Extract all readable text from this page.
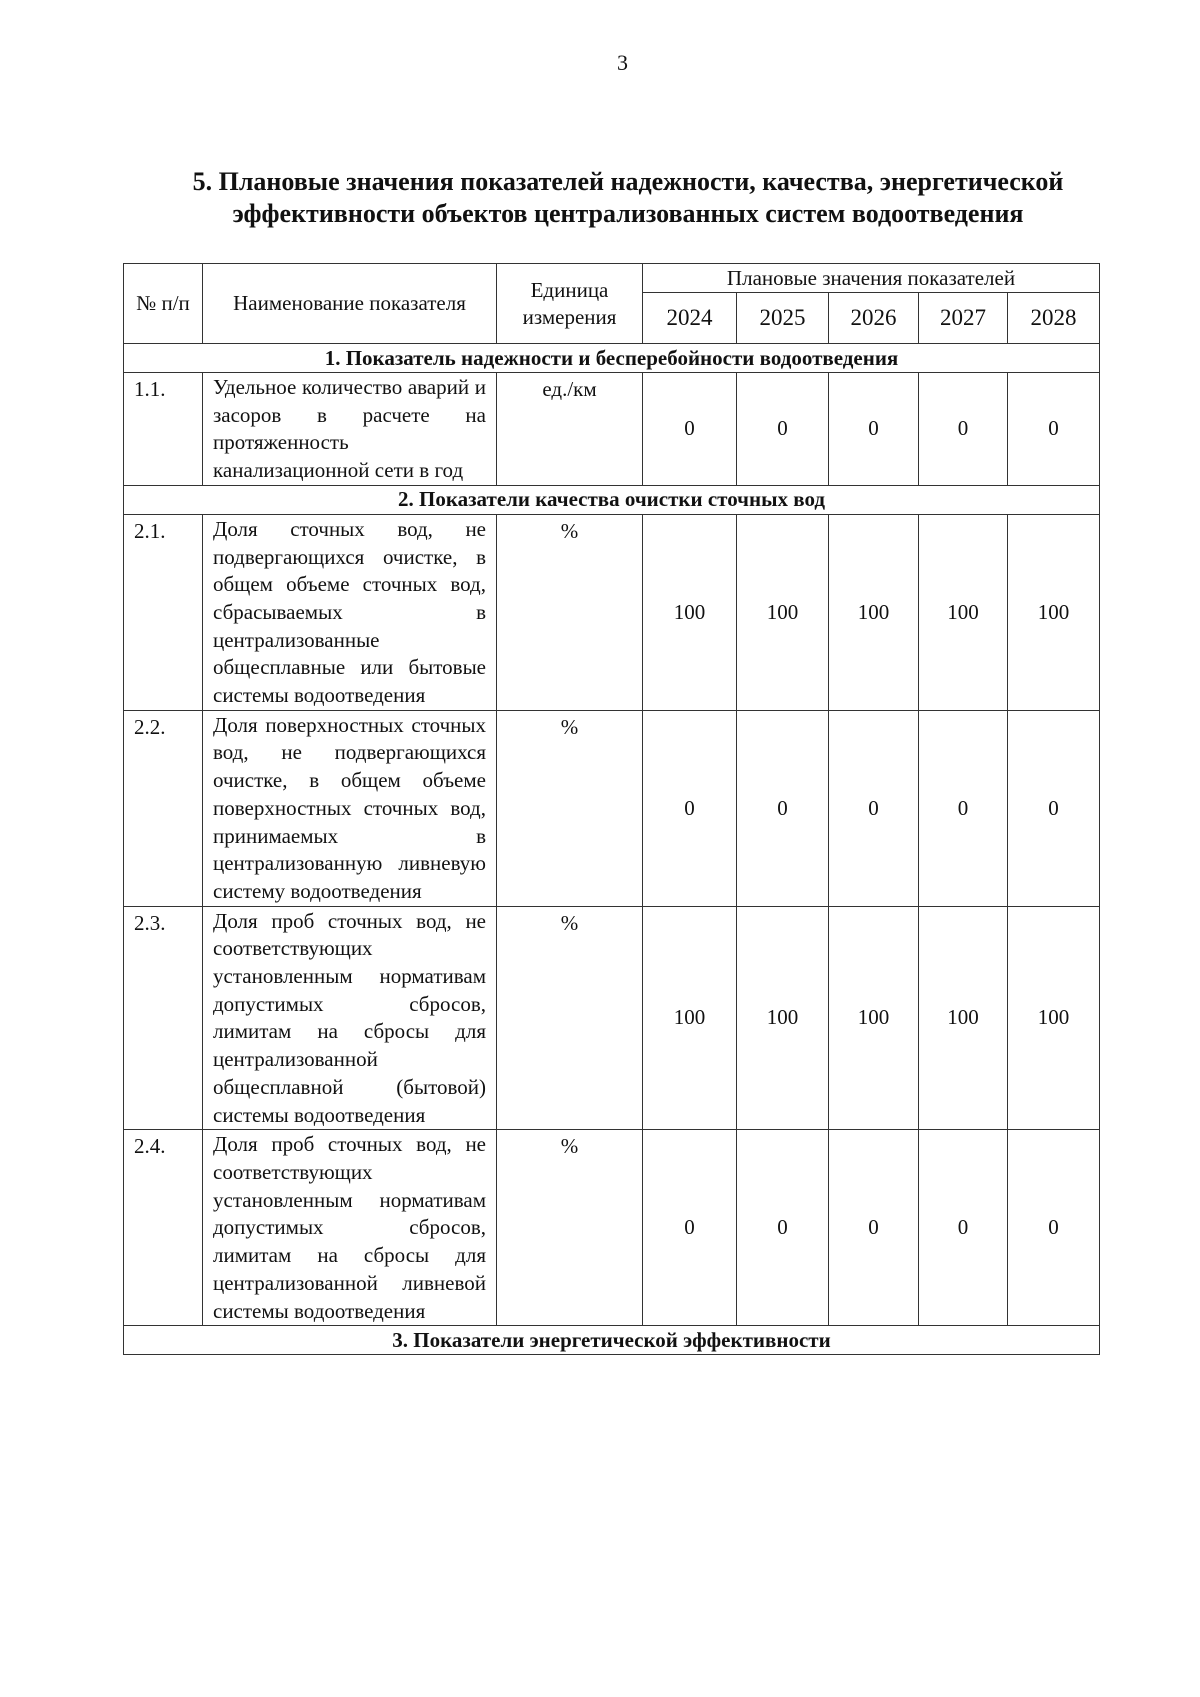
3
5. Плановые значения показателей надежности, качества, энергетической
эффективности объектов централизованных систем водоотведения
№ п/п	Наименование показателя	Единица измерения	Плановые значения показателей				
			2024	2025	2026	2027	2028
1. Показатель надежности и бесперебойности водоотведения							
1.1.	Удельное количество аварий и засоров в расчете на протяженность канализационной сети в год	ед./км	0	0	0	0	0
2. Показатели качества очистки сточных вод							
2.1.	Доля сточных вод, не подвергающихся очистке, в общем объеме сточных вод, сбрасываемых в централизованные общесплавные или бытовые системы водоотведения	%	100	100	100	100	100
2.2.	Доля поверхностных сточных вод, не подвергающихся очистке, в общем объеме поверхностных сточных вод, принимаемых в централизованную ливневую систему водоотведения	%	0	0	0	0	0
2.3.	Доля проб сточных вод, не соответствующих установленным нормативам допустимых сбросов, лимитам на сбросы для централизованной общесплавной (бытовой) системы водоотведения	%	100	100	100	100	100
2.4.	Доля проб сточных вод, не соответствующих установленным нормативам допустимых сбросов, лимитам на сбросы для централизованной ливневой системы водоотведения	%	0	0	0	0	0
3. Показатели энергетической эффективности							
